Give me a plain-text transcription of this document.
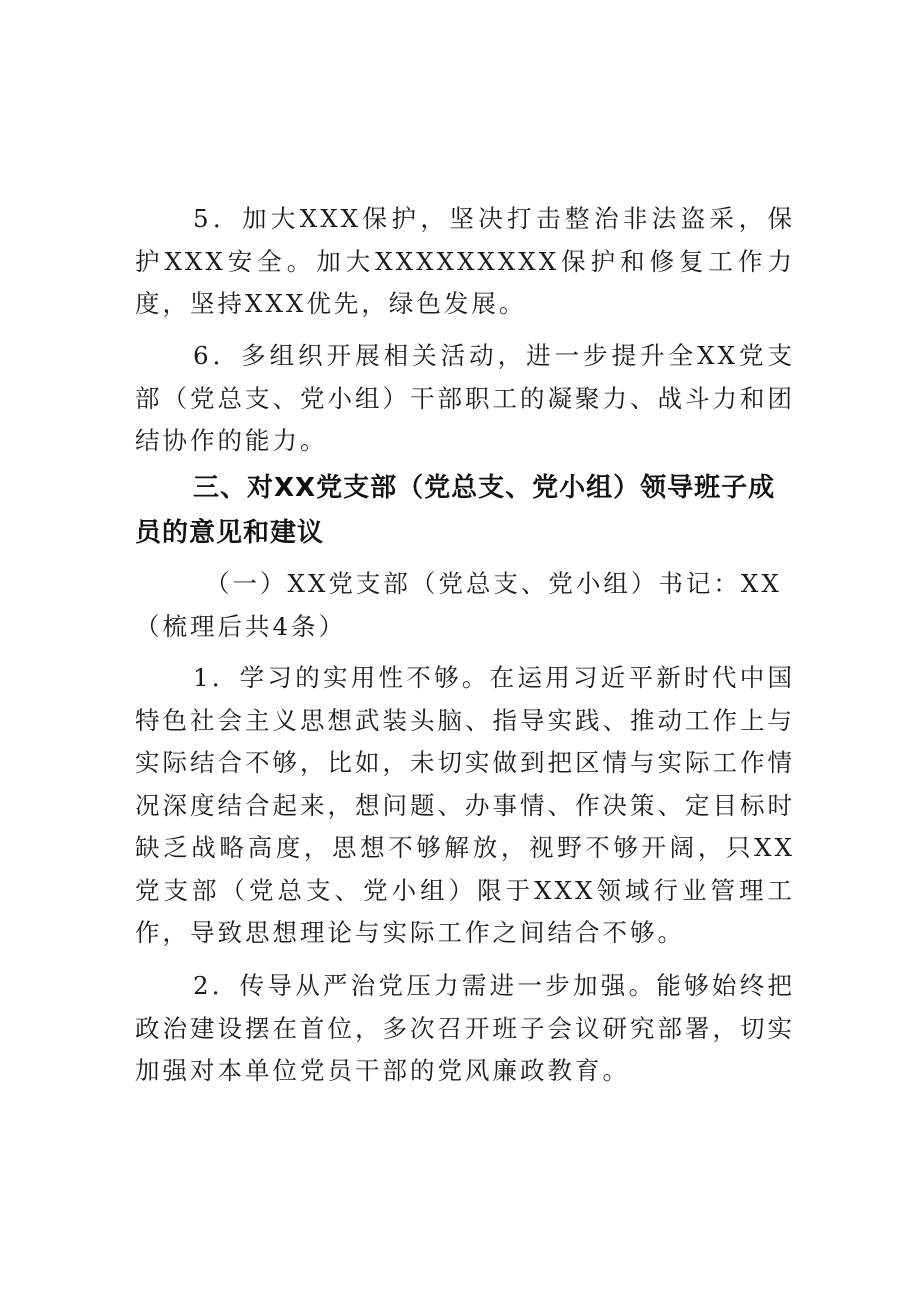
5．加大XXX保护，坚决打击整治非法盗采，保护XXX安全。加大XXXXXXXXX保护和修复工作力度，坚持XXX优先，绿色发展。

6．多组织开展相关活动，进一步提升全XX党支部（党总支、党小组）干部职工的凝聚力、战斗力和团结协作的能力。

三、对XX党支部（党总支、党小组）领导班子成员的意见和建议

（一）XX党支部（党总支、党小组）书记：XX（梳理后共4条）

1．学习的实用性不够。在运用习近平新时代中国特色社会主义思想武装头脑、指导实践、推动工作上与实际结合不够，比如，未切实做到把区情与实际工作情况深度结合起来，想问题、办事情、作决策、定目标时缺乏战略高度，思想不够解放，视野不够开阔，只XX党支部（党总支、党小组）限于XXX领域行业管理工作，导致思想理论与实际工作之间结合不够。

2．传导从严治党压力需进一步加强。能够始终把政治建设摆在首位，多次召开班子会议研究部署，切实加强对本单位党员干部的党风廉政教育。
